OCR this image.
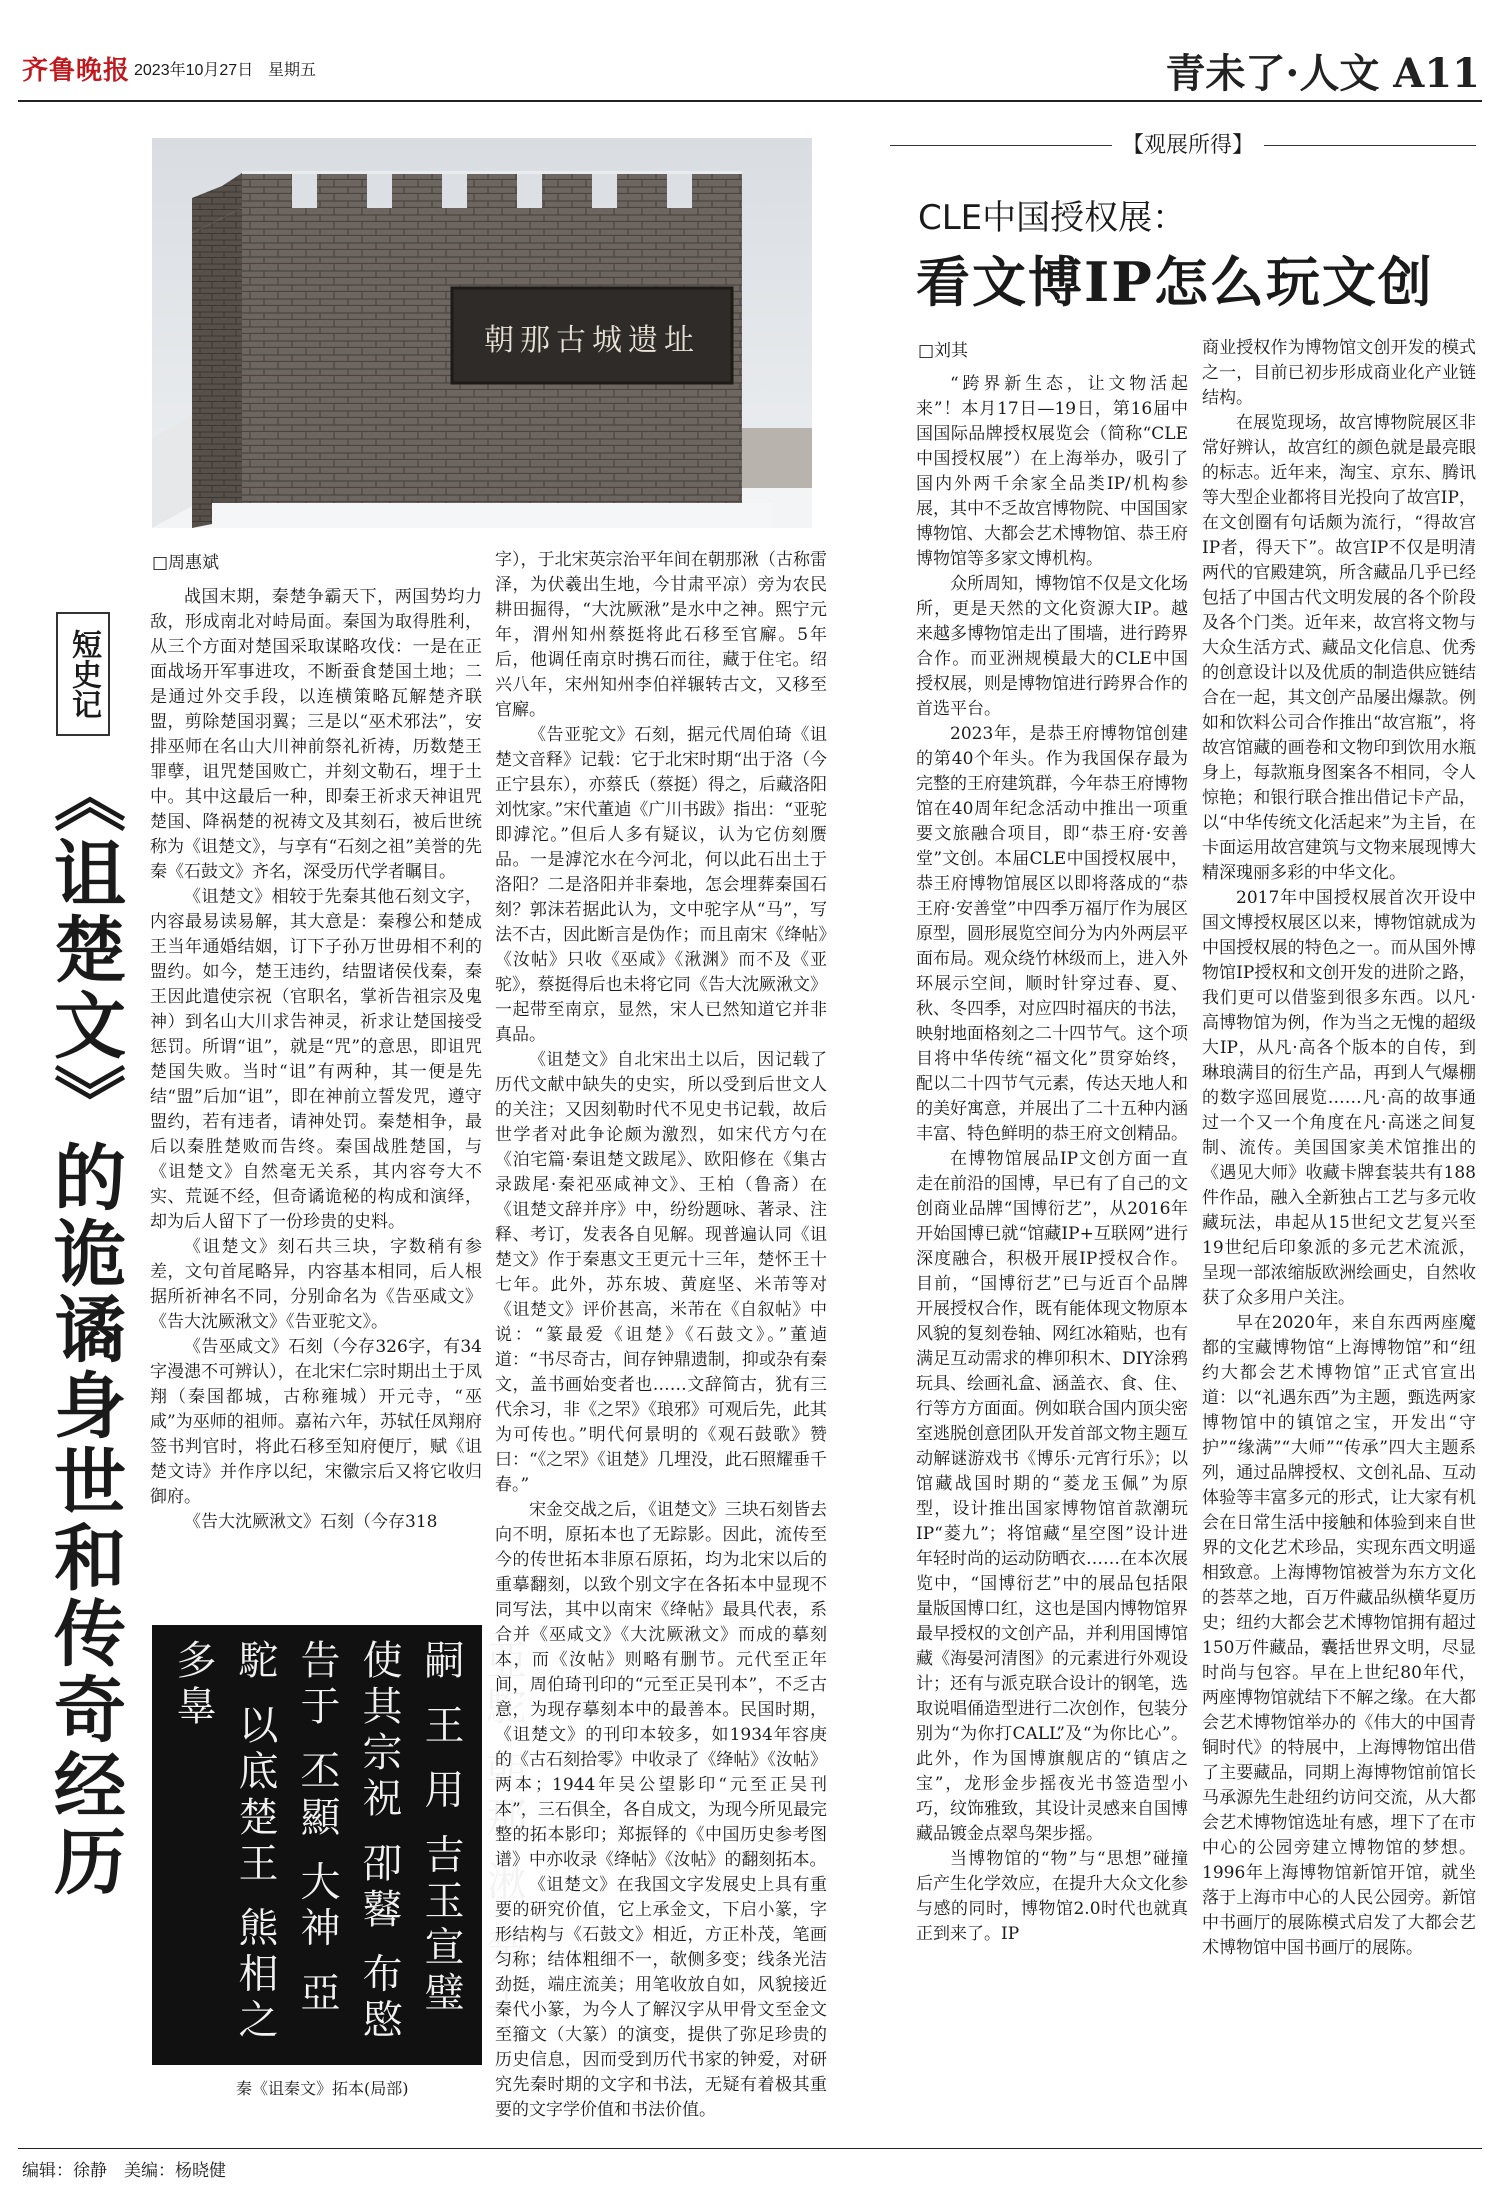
齐鲁晚报 2023年10月27日 星期五	青未了·人文 A11
短史记
《诅楚文》的诡谲身世和传奇经历
朝那古城遗址
□周惠斌

战国末期，秦楚争霸天下，两国势均力敌，形成南北对峙局面。秦国为取得胜利，从三个方面对楚国采取谋略攻伐：一是在正面战场开军事进攻，不断蚕食楚国土地；二是通过外交手段，以连横策略瓦解楚齐联盟，剪除楚国羽翼；三是以“巫术邪法”，安排巫师在名山大川神前祭礼祈祷，历数楚王罪孽，诅咒楚国败亡，并刻文勒石，埋于土中。其中这最后一种，即秦王祈求天神诅咒楚国、降祸楚的祝祷文及其刻石，被后世统称为《诅楚文》，与享有“石刻之祖”美誉的先秦《石鼓文》齐名，深受历代学者瞩目。

《诅楚文》相较于先秦其他石刻文字，内容最易读易解，其大意是：秦穆公和楚成王当年通婚结姻，订下子孙万世毋相不利的盟约。如今，楚王违约，结盟诸侯伐秦，秦王因此遣使宗祝（官职名，掌祈告祖宗及鬼神）到名山大川求告神灵，祈求让楚国接受惩罚。所谓“诅”，就是“咒”的意思，即诅咒楚国失败。当时“诅”有两种，其一便是先结“盟”后加“诅”，即在神前立誓发咒，遵守盟约，若有违者，请神处罚。秦楚相争，最后以秦胜楚败而告终。秦国战胜楚国，与《诅楚文》自然毫无关系，其内容夸大不实、荒诞不经，但奇谲诡秘的构成和演绎，却为后人留下了一份珍贵的史料。

《诅楚文》刻石共三块，字数稍有参差，文句首尾略异，内容基本相同，后人根据所祈神名不同，分别命名为《告巫咸文》《告大沈厥湫文》《告亚驼文》。

《告巫咸文》石刻（今存326字，有34字漫漶不可辨认），在北宋仁宗时期出土于凤翔（秦国都城，古称雍城）开元寺，“巫咸”为巫师的祖师。嘉祐六年，苏轼任凤翔府签书判官时，将此石移至知府便厅，赋《诅楚文诗》并作序以纪，宋徽宗后又将它收归御府。

《告大沈厥湫文》石刻（今存318

亞駝 朝那 湫 楚 十 嗣 王 用 吉玉宣璧 使其宗祝 卲鼛 布愍 告于 丕顯 大神 亞駝 以底楚王 熊相之 多辠
秦《诅秦文》拓本(局部)

字），于北宋英宗治平年间在朝那湫（古称雷泽，为伏羲出生地，今甘肃平凉）旁为农民耕田掘得，“大沈厥湫”是水中之神。熙宁元年，渭州知州蔡挺将此石移至官廨。5年后，他调任南京时携石而往，藏于住宅。绍兴八年，宋州知州李伯祥辗转古文，又移至官廨。

《告亚驼文》石刻，据元代周伯琦《诅楚文音释》记载：它于北宋时期“出于洛（今正宁县东），亦蔡氏（蔡挺）得之，后藏洛阳刘忱家。”宋代董逌《广川书跋》指出：“亚驼即滹沱。”但后人多有疑议，认为它仿刻赝品。一是滹沱水在今河北，何以此石出土于洛阳？二是洛阳并非秦地，怎会埋葬秦国石刻？郭沫若据此认为，文中驼字从“马”，写法不古，因此断言是伪作；而且南宋《绛帖》《汝帖》只收《巫咸》《湫渊》而不及《亚驼》，蔡挺得后也未将它同《告大沈厥湫文》一起带至南京，显然，宋人已然知道它并非真品。

《诅楚文》自北宋出土以后，因记载了历代文献中缺失的史实，所以受到后世文人的关注；又因刻勒时代不见史书记载，故后世学者对此争论颇为激烈，如宋代方勺在《泊宅篇·秦诅楚文跋尾》、欧阳修在《集古录跋尾·秦祀巫咸神文》、王柏（鲁斋）在《诅楚文辞并序》中，纷纷题咏、著录、注释、考订，发表各自见解。现普遍认同《诅楚文》作于秦惠文王更元十三年，楚怀王十七年。此外，苏东坡、黄庭坚、米芾等对《诅楚文》评价甚高，米芾在《自叙帖》中说：“篆最爱《诅楚》《石鼓文》。”董逌道：“书尽奇古，间存钟鼎遗制，抑或杂有秦文，盖书画始变者也……文辞简古，犹有三代余习，非《之罘》《琅邪》可观后先，此其为可传也。”明代何景明的《观石鼓歌》赞曰：“《之罘》《诅楚》几埋没，此石照耀垂千春。”

宋金交战之后，《诅楚文》三块石刻皆去向不明，原拓本也了无踪影。因此，流传至今的传世拓本非原石原拓，均为北宋以后的重摹翻刻，以致个别文字在各拓本中显现不同写法，其中以南宋《绛帖》最具代表，系合并《巫咸文》《大沈厥湫文》而成的摹刻本，而《汝帖》则略有删节。元代至正年间，周伯琦刊印的“元至正吴刊本”，不乏古意，为现存摹刻本中的最善本。民国时期，《诅楚文》的刊印本较多，如1934年容庚的《古石刻拾零》中收录了《绛帖》《汝帖》两本；1944年吴公望影印“元至正吴刊本”，三石俱全，各自成文，为现今所见最完整的拓本影印；郑振铎的《中国历史参考图谱》中亦收录《绛帖》《汝帖》的翻刻拓本。

《诅楚文》在我国文字发展史上具有重要的研究价值，它上承金文，下启小篆，字形结构与《石鼓文》相近，方正朴茂，笔画匀称；结体粗细不一，欹侧多变；线条光洁劲挺，端庄流美；用笔收放自如，风貌接近秦代小篆，为今人了解汉字从甲骨文至金文至籀文（大篆）的演变，提供了弥足珍贵的历史信息，因而受到历代书家的钟爱，对研究先秦时期的文字和书法，无疑有着极其重要的文字学价值和书法价值。

【观展所得】
CLE中国授权展：
看文博IP怎么玩文创
□刘其

“跨界新生态，让文物活起来”！本月17日—19日，第16届中国国际品牌授权展览会（简称“CLE中国授权展”）在上海举办，吸引了国内外两千余家全品类IP/机构参展，其中不乏故宫博物院、中国国家博物馆、大都会艺术博物馆、恭王府博物馆等多家文博机构。

众所周知，博物馆不仅是文化场所，更是天然的文化资源大IP。越来越多博物馆走出了围墙，进行跨界合作。而亚洲规模最大的CLE中国授权展，则是博物馆进行跨界合作的首选平台。

2023年，是恭王府博物馆创建的第40个年头。作为我国保存最为完整的王府建筑群，今年恭王府博物馆在40周年纪念活动中推出一项重要文旅融合项目，即“恭王府·安善堂”文创。本届CLE中国授权展中，恭王府博物馆展区以即将落成的“恭王府·安善堂”中四季万福厅作为展区原型，圆形展览空间分为内外两层平面布局。观众绕竹林级而上，进入外环展示空间，顺时针穿过春、夏、秋、冬四季，对应四时福庆的书法，映射地面格刻之二十四节气。这个项目将中华传统“福文化”贯穿始终，配以二十四节气元素，传达天地人和的美好寓意，并展出了二十五种内涵丰富、特色鲜明的恭王府文创精品。

在博物馆展品IP文创方面一直走在前沿的国博，早已有了自己的文创商业品牌“国博衍艺”，从2016年开始国博已就“馆藏IP+互联网”进行深度融合，积极开展IP授权合作。目前，“国博衍艺”已与近百个品牌开展授权合作，既有能体现文物原本风貌的复刻卷轴、网红冰箱贴，也有满足互动需求的榫卯积木、DIY涂鸦玩具、绘画礼盒、涵盖衣、食、住、行等方方面面。例如联合国内顶尖密室逃脱创意团队开发首部文物主题互动解谜游戏书《博乐·元宵行乐》；以馆藏战国时期的“菱龙玉佩”为原型，设计推出国家博物馆首款潮玩IP“菱九”；将馆藏“星空图”设计进年轻时尚的运动防晒衣……在本次展览中，“国博衍艺”中的展品包括限量版国博口红，这也是国内博物馆界最早授权的文创产品，并利用国博馆藏《海晏河清图》的元素进行外观设计；还有与派克联合设计的钢笔，选取说唱俑造型进行二次创作，包装分别为“为你打CALL”及“为你比心”。此外，作为国博旗舰店的“镇店之宝”，龙形金步摇夜光书签造型小巧，纹饰雅致，其设计灵感来自国博藏品镀金点翠鸟架步摇。

当博物馆的“物”与“思想”碰撞后产生化学效应，在提升大众文化参与感的同时，博物馆2.0时代也就真正到来了。IP

商业授权作为博物馆文创开发的模式之一，目前已初步形成商业化产业链结构。

在展览现场，故宫博物院展区非常好辨认，故宫红的颜色就是最亮眼的标志。近年来，淘宝、京东、腾讯等大型企业都将目光投向了故宫IP，在文创圈有句话颇为流行，“得故宫IP者，得天下”。故宫IP不仅是明清两代的官殿建筑，所含藏品几乎已经包括了中国古代文明发展的各个阶段及各个门类。近年来，故宫将文物与大众生活方式、藏品文化信息、优秀的创意设计以及优质的制造供应链结合在一起，其文创产品屡出爆款。例如和饮料公司合作推出“故宫瓶”，将故宫馆藏的画卷和文物印到饮用水瓶身上，每款瓶身图案各不相同，令人惊艳；和银行联合推出借记卡产品，以“中华传统文化活起来”为主旨，在卡面运用故宫建筑与文物来展现博大精深瑰丽多彩的中华文化。

2017年中国授权展首次开设中国文博授权展区以来，博物馆就成为中国授权展的特色之一。而从国外博物馆IP授权和文创开发的进阶之路，我们更可以借鉴到很多东西。以凡·高博物馆为例，作为当之无愧的超级大IP，从凡·高各个版本的自传，到琳琅满目的衍生产品，再到人气爆棚的数字巡回展览……凡·高的故事通过一个又一个角度在凡·高迷之间复制、流传。美国国家美术馆推出的《遇见大师》收藏卡牌套装共有188件作品，融入全新独占工艺与多元收藏玩法，串起从15世纪文艺复兴至19世纪后印象派的多元艺术流派，呈现一部浓缩版欧洲绘画史，自然收获了众多用户关注。

早在2020年，来自东西两座魔都的宝藏博物馆“上海博物馆”和“纽约大都会艺术博物馆”正式官宣出道：以“礼遇东西”为主题，甄选两家博物馆中的镇馆之宝，开发出“守护”“缘满”“大师”“传承”四大主题系列，通过品牌授权、文创礼品、互动体验等丰富多元的形式，让大家有机会在日常生活中接触和体验到来自世界的文化艺术珍品，实现东西文明遥相致意。上海博物馆被誉为东方文化的荟萃之地，百万件藏品纵横华夏历史；纽约大都会艺术博物馆拥有超过150万件藏品，囊括世界文明，尽显时尚与包容。早在上世纪80年代，两座博物馆就结下不解之缘。在大都会艺术博物馆举办的《伟大的中国青铜时代》的特展中，上海博物馆出借了主要藏品，同期上海博物馆前馆长马承源先生赴纽约访问交流，从大都会艺术博物馆选址有感，埋下了在市中心的公园旁建立博物馆的梦想。1996年上海博物馆新馆开馆，就坐落于上海市中心的人民公园旁。新馆中书画厅的展陈模式启发了大都会艺术博物馆中国书画厅的展陈。

编辑：徐静　美编：杨晓健
